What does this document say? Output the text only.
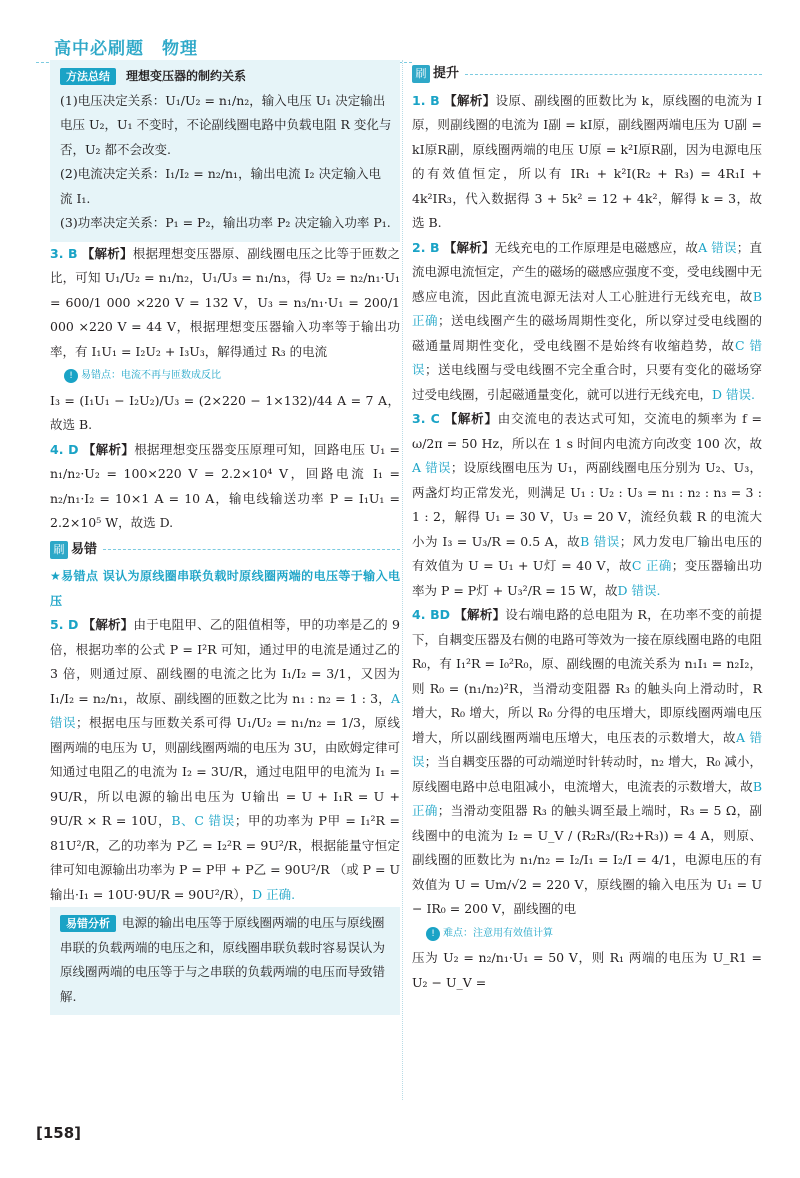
高中必刷题　物理
方法总结 理想变压器的制约关系

(1)电压决定关系：U₁/U₂ = n₁/n₂，输入电压 U₁ 决定输出电压 U₂，U₁ 不变时，不论副线圈电路中负载电阻 R 变化与否，U₂ 都不会改变.

(2)电流决定关系：I₁/I₂ = n₂/n₁，输出电流 I₂ 决定输入电流 I₁.

(3)功率决定关系：P₁ = P₂，输出功率 P₂ 决定输入功率 P₁.

3. B 【解析】根据理想变压器原、副线圈电压之比等于匝数之比，可知 U₁/U₂ = n₁/n₂，U₁/U₃ = n₁/n₃，得 U₂ = n₂/n₁·U₁ = 600/1 000 ×220 V = 132 V，U₃ = n₃/n₁·U₁ = 200/1 000 ×220 V = 44 V，根据理想变压器输入功率等于输出功率，有 I₁U₁ = I₂U₂ + I₃U₃，解得通过 R₃ 的电流

! 易错点：电流不再与匝数成反比

I₃ = (I₁U₁ − I₂U₂)/U₃ = (2×220 − 1×132)/44 A = 7 A，故选 B.

4. D 【解析】根据理想变压器变压原理可知，回路电压 U₁ = n₁/n₂·U₂ = 100×220 V = 2.2×10⁴ V，回路电流 I₁ = n₂/n₁·I₂ = 10×1 A = 10 A，输电线输送功率 P = I₁U₁ = 2.2×10⁵ W，故选 D.

刷 易错

★易错点 误认为原线圈串联负载时原线圈两端的电压等于输入电压

5. D 【解析】由于电阻甲、乙的阻值相等，甲的功率是乙的 9 倍，根据功率的公式 P = I²R 可知，通过甲的电流是通过乙的 3 倍，则通过原、副线圈的电流之比为 I₁/I₂ = 3/1，又因为 I₁/I₂ = n₂/n₁，故原、副线圈的匝数之比为 n₁ : n₂ = 1 : 3，A 错误；根据电压与匝数关系可得 U₁/U₂ = n₁/n₂ = 1/3，原线圈两端的电压为 U，则副线圈两端的电压为 3U，由欧姆定律可知通过电阻乙的电流为 I₂ = 3U/R，通过电阻甲的电流为 I₁ = 9U/R，所以电源的输出电压为 U输出 = U + I₁R = U + 9U/R × R = 10U，B、C 错误；甲的功率为 P甲 = I₁²R = 81U²/R，乙的功率为 P乙 = I₂²R = 9U²/R，根据能量守恒定律可知电源输出功率为 P = P甲 + P乙 = 90U²/R （或 P = U输出·I₁ = 10U·9U/R = 90U²/R），D 正确.

易错分析 电源的输出电压等于原线圈两端的电压与原线圈串联的负载两端的电压之和，原线圈串联负载时容易误认为原线圈两端的电压等于与之串联的负载两端的电压而导致错解.

刷 提升

1. B 【解析】设原、副线圈的匝数比为 k，原线圈的电流为 I原，则副线圈的电流为 I副 = kI原，副线圈两端电压为 U副 = kI原R副，原线圈两端的电压 U原 = k²I原R副，因为电源电压的有效值恒定，所以有 IR₁ + k²I(R₂ + R₃) = 4R₁I + 4k²IR₃，代入数据得 3 + 5k² = 12 + 4k²，解得 k = 3，故选 B.

2. B 【解析】无线充电的工作原理是电磁感应，故A 错误；直流电源电流恒定，产生的磁场的磁感应强度不变，受电线圈中无感应电流，因此直流电源无法对人工心脏进行无线充电，故B 正确；送电线圈产生的磁场周期性变化，所以穿过受电线圈的磁通量周期性变化，受电线圈不是始终有收缩趋势，故C 错误；送电线圈与受电线圈不完全重合时，只要有变化的磁场穿过受电线圈，引起磁通量变化，就可以进行无线充电，D 错误.

3. C 【解析】由交流电的表达式可知，交流电的频率为 f = ω/2π = 50 Hz，所以在 1 s 时间内电流方向改变 100 次，故A 错误；设原线圈电压为 U₁，两副线圈电压分别为 U₂、U₃，两盏灯均正常发光，则满足 U₁ : U₂ : U₃ = n₁ : n₂ : n₃ = 3 : 1 : 2，解得 U₁ = 30 V，U₃ = 20 V，流经负载 R 的电流大小为 I₃ = U₃/R = 0.5 A，故B 错误；风力发电厂输出电压的有效值为 U = U₁ + U灯 = 40 V，故C 正确；变压器输出功率为 P = P灯 + U₃²/R = 15 W，故D 错误.

4. BD 【解析】设右端电路的总电阻为 R，在功率不变的前提下，自耦变压器及右侧的电路可等效为一接在原线圈电路的电阻 R₀，有 I₁²R = I₀²R₀，原、副线圈的电流关系为 n₁I₁ = n₂I₂，则 R₀ = (n₁/n₂)²R，当滑动变阻器 R₃ 的触头向上滑动时，R 增大，R₀ 增大，所以 R₀ 分得的电压增大，即原线圈两端电压增大，所以副线圈两端电压增大，电压表的示数增大，故A 错误；当自耦变压器的可动端逆时针转动时，n₂ 增大，R₀ 减小，原线圈电路中总电阻减小，电流增大，电流表的示数增大，故B 正确；当滑动变阻器 R₃ 的触头调至最上端时，R₃ = 5 Ω，副线圈中的电流为 I₂ = U_V / (R₂R₃/(R₂+R₃)) = 4 A，则原、副线圈的匝数比为 n₁/n₂ = I₂/I₁ = I₂/I = 4/1，电源电压的有效值为 U = Um/√2 = 220 V，原线圈的输入电压为 U₁ = U − IR₀ = 200 V，副线圈的电

! 难点：注意用有效值计算

压为 U₂ = n₂/n₁·U₁ = 50 V，则 R₁ 两端的电压为 U_R1 = U₂ − U_V =

[158]
